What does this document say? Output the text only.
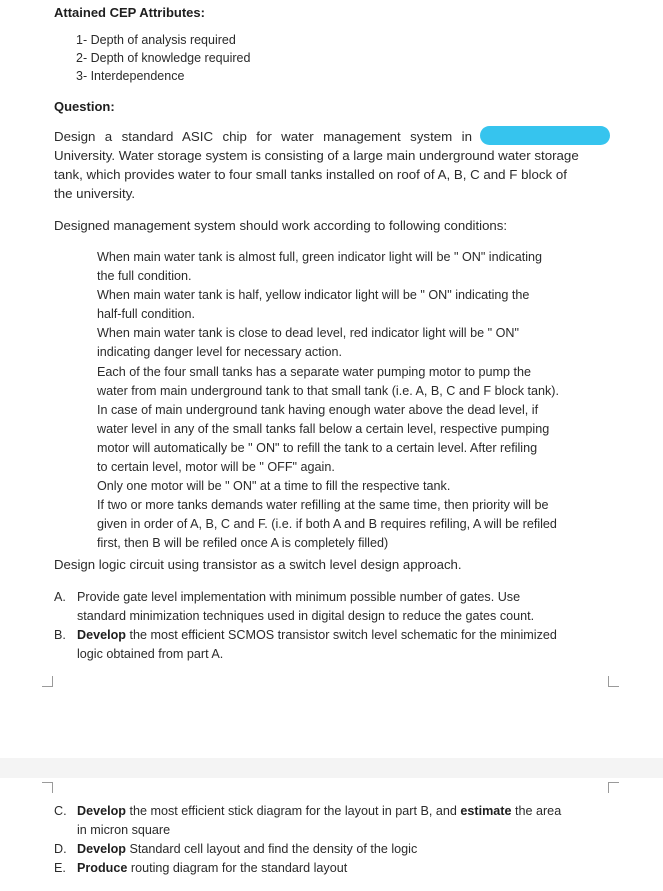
Attained CEP Attributes:
1- Depth of analysis required
2- Depth of knowledge required
3- Interdependence
Question:
Design a standard ASIC chip for water management system in
University. Water storage system is consisting of a large main underground water storage
tank, which provides water to four small tanks installed on roof of A, B, C and F block of
the university.
Designed management system should work according to following conditions:
When main water tank is almost full, green indicator light will be " ON" indicating
the full condition.
When main water tank is half, yellow indicator light will be " ON" indicating the
half-full condition.
When main water tank is close to dead level, red indicator light will be " ON"
indicating danger level for necessary action.
Each of the four small tanks has a separate water pumping motor to pump the
water from main underground tank to that small tank (i.e. A, B, C and F block tank).
In case of main underground tank having enough water above the dead level, if
water level in any of the small tanks fall below a certain level, respective pumping
motor will automatically be " ON" to refill the tank to a certain level. After refiling
to certain level, motor will be " OFF" again.
Only one motor will be " ON" at a time to fill the respective tank.
If two or more tanks demands water refilling at the same time, then priority will be
given in order of A, B, C and F. (i.e. if both A and B requires refiling, A will be refiled
first, then B will be refiled once A is completely filled)
Design logic circuit using transistor as a switch level design approach.
A. Provide gate level implementation with minimum possible number of gates. Use
standard minimization techniques used in digital design to reduce the gates count.
B. Develop the most efficient SCMOS transistor switch level schematic for the minimized
logic obtained from part A.
C. Develop the most efficient stick diagram for the layout in part B, and estimate the area
in micron square
D. Develop Standard cell layout and find the density of the logic
E. Produce routing diagram for the standard layout
